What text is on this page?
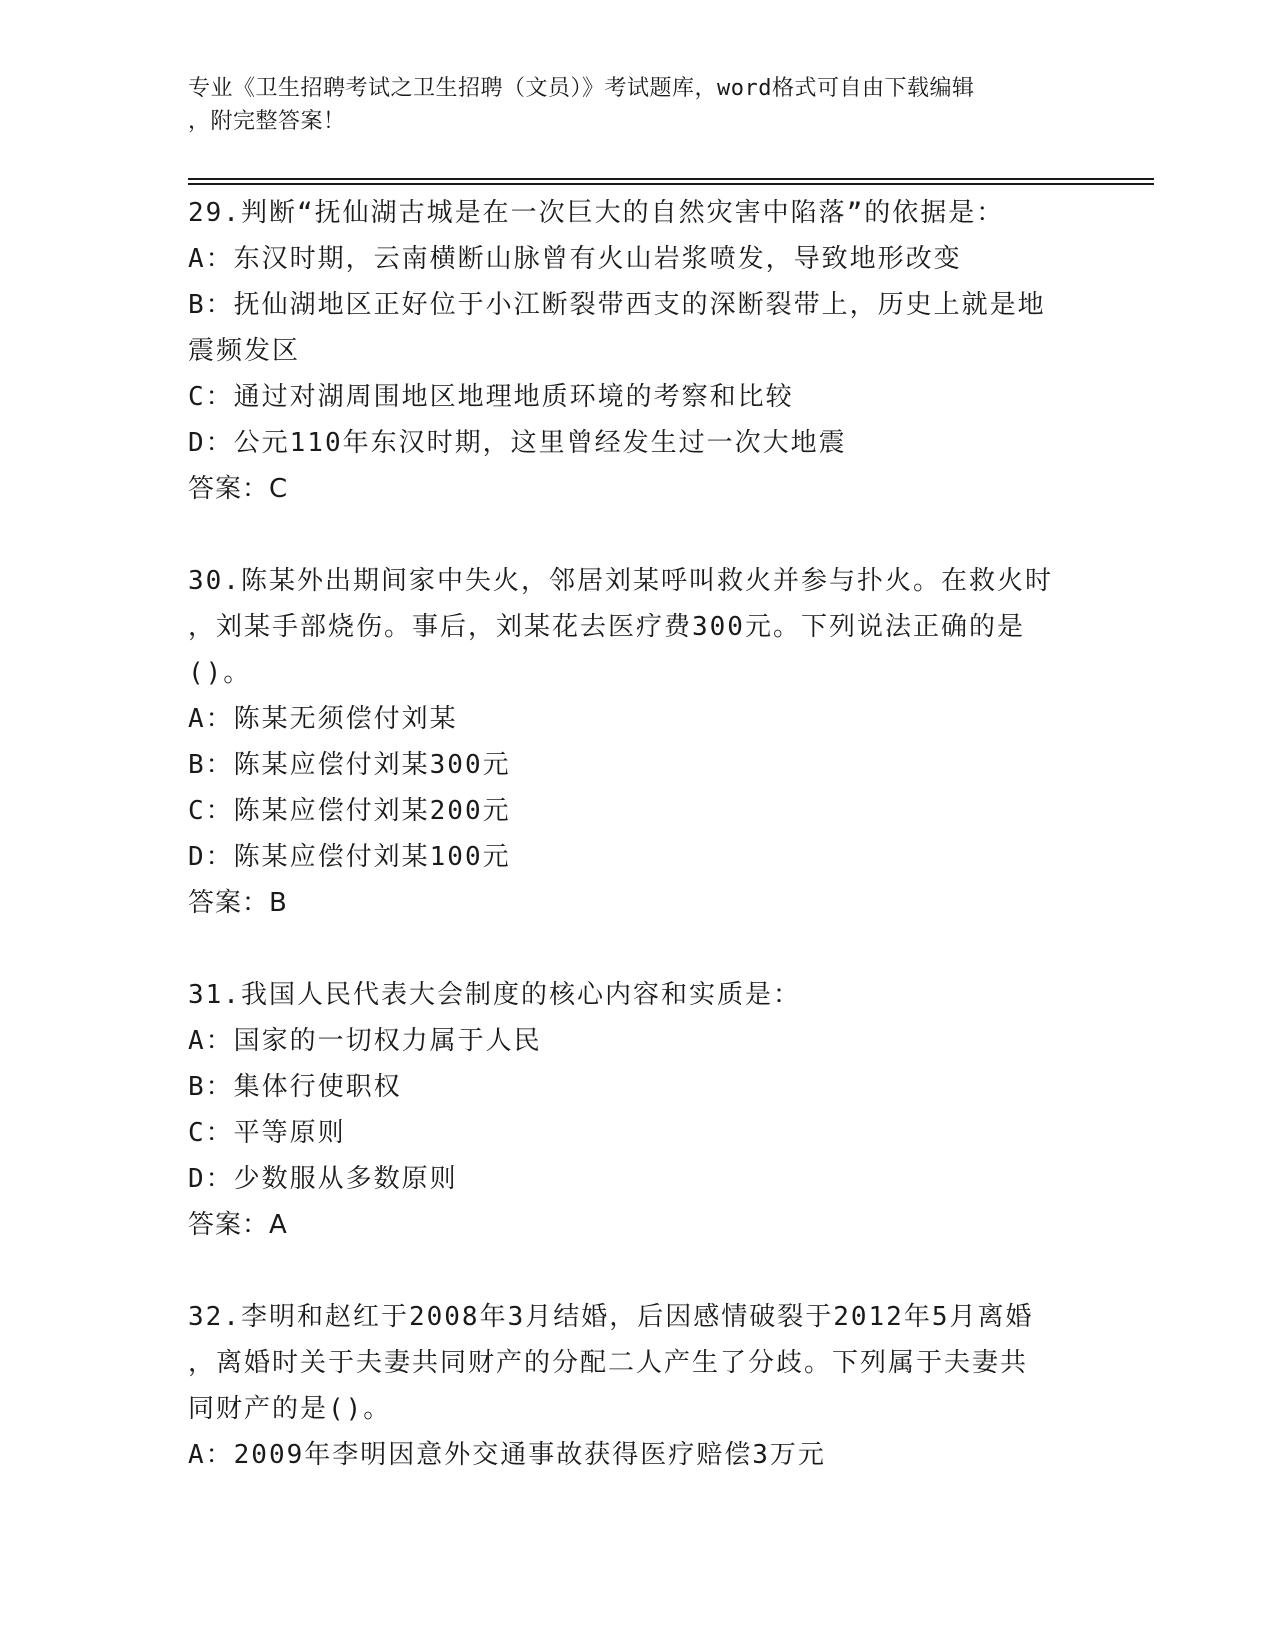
专业《卫生招聘考试之卫生招聘（文员）》考试题库，word格式可自由下载编辑
，附完整答案！
29.判断“抚仙湖古城是在一次巨大的自然灾害中陷落”的依据是：
A：东汉时期，云南横断山脉曾有火山岩浆喷发，导致地形改变
B：抚仙湖地区正好位于小江断裂带西支的深断裂带上，历史上就是地
震频发区
C：通过对湖周围地区地理地质环境的考察和比较
D：公元110年东汉时期，这里曾经发生过一次大地震
答案：C
30.陈某外出期间家中失火，邻居刘某呼叫救火并参与扑火。在救火时
，刘某手部烧伤。事后，刘某花去医疗费300元。下列说法正确的是
()。
A：陈某无须偿付刘某
B：陈某应偿付刘某300元
C：陈某应偿付刘某200元
D：陈某应偿付刘某100元
答案：B
31.我国人民代表大会制度的核心内容和实质是：
A：国家的一切权力属于人民
B：集体行使职权
C：平等原则
D：少数服从多数原则
答案：A
32.李明和赵红于2008年3月结婚，后因感情破裂于2012年5月离婚
，离婚时关于夫妻共同财产的分配二人产生了分歧。下列属于夫妻共
同财产的是()。
A：2009年李明因意外交通事故获得医疗赔偿3万元
